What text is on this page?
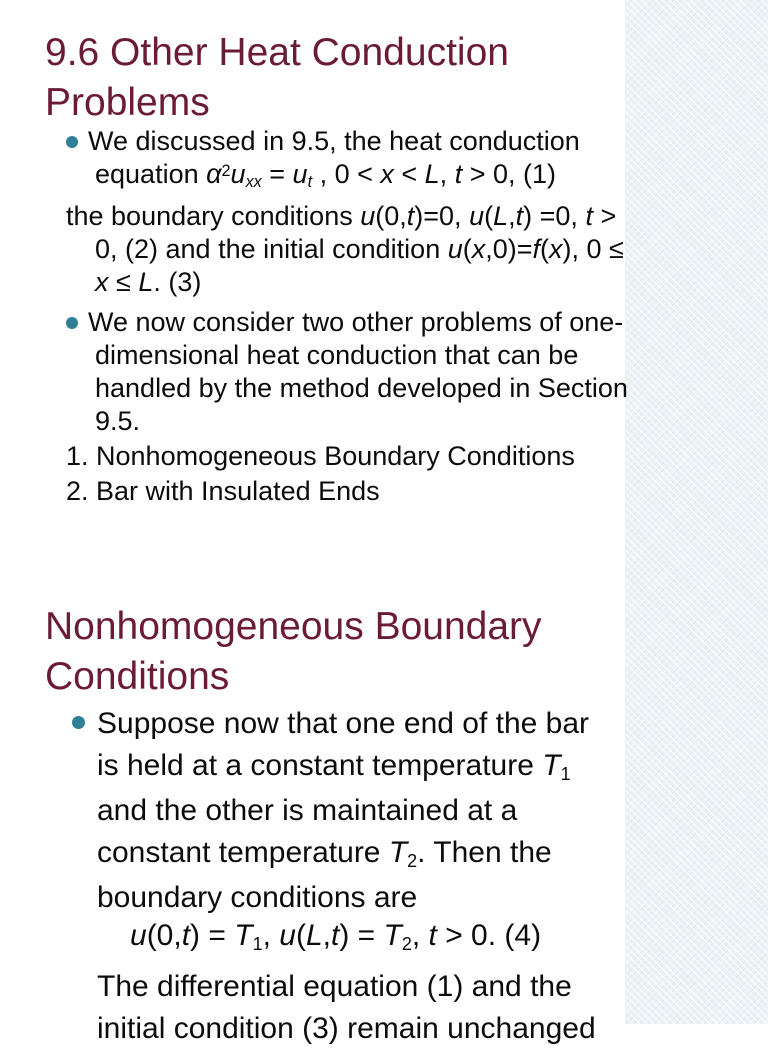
9.6 Other Heat Conduction
Problems
We discussed in 9.5, the heat conduction
equation $\alpha^2uxx$ = ut , 0 < x < L, t > 0, (1)
the boundary conditions u(0,t)=0, u(L,t) =0, t >
0, (2) and the initial condition u(x,0)=f(x), 0 ≤
x ≤ L. (3)
We now consider two other problems of one-
dimensional heat conduction that can be
handled by the method developed in Section
9.5.
1. Nonhomogeneous Boundary Conditions
2. Bar with Insulated Ends
Nonhomogeneous Boundary
Conditions
Suppose now that one end of the bar
is held at a constant temperature T1
and the other is maintained at a
constant temperature T2. Then the
boundary conditions are
u(0,t) = T1, u(L,t) = T2, t > 0. (4)
The differential equation (1) and the
initial condition (3) remain unchanged
